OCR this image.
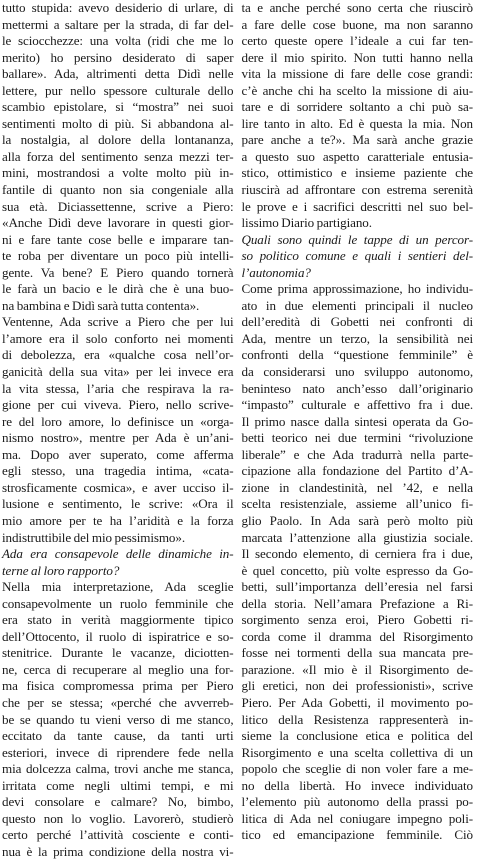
tutto stupida: avevo desiderio di urlare, di
mettermi a saltare per la strada, di far del-
le sciocchezze: una volta (ridi che me lo
merito) ho persino desiderato di saper
ballare». Ada, altrimenti detta Didì nelle
lettere, pur nello spessore culturale dello
scambio epistolare, si “mostra” nei suoi
sentimenti molto di più. Si abbandona al-
la nostalgia, al dolore della lontananza,
alla forza del sentimento senza mezzi ter-
mini, mostrandosi a volte molto più in-
fantile di quanto non sia congeniale alla
sua età. Diciassettenne, scrive a Piero:
«Anche Didì deve lavorare in questi gior-
ni e fare tante cose belle e imparare tan-
te roba per diventare un poco più intelli-
gente. Va bene? E Piero quando tornerà
le farà un bacio e le dirà che è una buo-
na bambina e Didì sarà tutta contenta».
Ventenne, Ada scrive a Piero che per lui
l’amore era il solo conforto nei momenti
di debolezza, era «qualche cosa nell’or-
ganicità della sua vita» per lei invece era
la vita stessa, l’aria che respirava la ra-
gione per cui viveva. Piero, nello scrive-
re del loro amore, lo definisce un «orga-
nismo nostro», mentre per Ada è un’ani-
ma. Dopo aver superato, come afferma
egli stesso, una tragedia intima, «cata-
strosficamente cosmica», e aver ucciso il-
lusione e sentimento, le scrive: «Ora il
mio amore per te ha l’aridità e la forza
indistruttibile del mio pessimismo».
Ada era consapevole delle dinamiche in-
terne al loro rapporto?
Nella mia interpretazione, Ada sceglie
consapevolmente un ruolo femminile che
era stato in verità maggiormente tipico
dell’Ottocento, il ruolo di ispiratrice e so-
stenitrice. Durante le vacanze, diciotten-
ne, cerca di recuperare al meglio una for-
ma fisica compromessa prima per Piero
che per se stessa; «perché che avverreb-
be se quando tu vieni verso di me stanco,
eccitato da tante cause, da tanti urti
esteriori, invece di riprendere fede nella
mia dolcezza calma, trovi anche me stanca,
irritata come negli ultimi tempi, e mi
devi consolare e calmare? No, bimbo,
questo non lo voglio. Lavorerò, studierò
certo perché l’attività cosciente e conti-
nua è la prima condizione della nostra vi-
ta e anche perché sono certa che riuscirò
a fare delle cose buone, ma non saranno
certo queste opere l’ideale a cui far ten-
dere il mio spirito. Non tutti hanno nella
vita la missione di fare delle cose grandi:
c’è anche chi ha scelto la missione di aiu-
tare e di sorridere soltanto a chi può sa-
lire tanto in alto. Ed è questa la mia. Non
pare anche a te?». Ma sarà anche grazie
a questo suo aspetto caratteriale entusia-
stico, ottimistico e insieme paziente che
riuscirà ad affrontare con estrema serenità
le prove e i sacrifici descritti nel suo bel-
lissimo Diario partigiano.
Quali sono quindi le tappe di un percor-
so politico comune e quali i sentieri del-
l’autonomia?
Come prima approssimazione, ho individu-
ato in due elementi principali il nucleo
dell’eredità di Gobetti nei confronti di
Ada, mentre un terzo, la sensibilità nei
confronti della “questione femminile” è
da considerarsi uno sviluppo autonomo,
beninteso nato anch’esso dall’originario
“impasto” culturale e affettivo fra i due.
Il primo nasce dalla sintesi operata da Go-
betti teorico nei due termini “rivoluzione
liberale” e che Ada tradurrà nella parte-
cipazione alla fondazione del Partito d’A-
zione in clandestinità, nel ’42, e nella
scelta resistenziale, assieme all’unico fi-
glio Paolo. In Ada sarà però molto più
marcata l’attenzione alla giustizia sociale.
Il secondo elemento, di cerniera fra i due,
è quel concetto, più volte espresso da Go-
betti, sull’importanza dell’eresia nel farsi
della storia. Nell’amara Prefazione a Ri-
sorgimento senza eroi, Piero Gobetti ri-
corda come il dramma del Risorgimento
fosse nei tormenti della sua mancata pre-
parazione. «Il mio è il Risorgimento de-
gli eretici, non dei professionisti», scrive
Piero. Per Ada Gobetti, il movimento po-
litico della Resistenza rappresenterà in-
sieme la conclusione etica e politica del
Risorgimento e una scelta collettiva di un
popolo che sceglie di non voler fare a me-
no della libertà. Ho invece individuato
l’elemento più autonomo della prassi po-
litica di Ada nel coniugare impegno poli-
tico ed emancipazione femminile. Ciò
